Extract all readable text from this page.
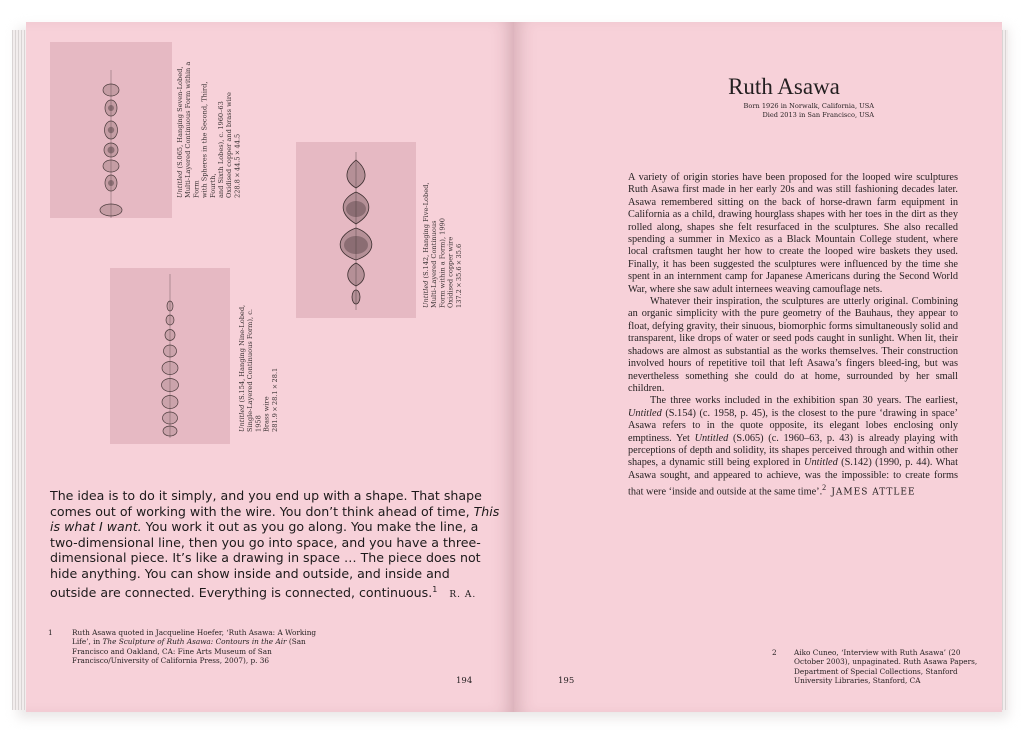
Untitled (S.065, Hanging Seven-Lobed,
Multi-Layered Continuous Form within a Form
with Spheres in the Second, Third, Fourth,
and Sixth Lobes), c. 1960–63
Oxidised copper and brass wire
228.8×44.5×44.5
Untitled (S.142, Hanging Five-Lobed,
Multi-Layered Continuous
Form within a Form), 1990
Oxidised copper wire
137.2×35.6×35.6
Untitled (S.154, Hanging Nine-Lobed,
Single-Layered Continuous Form), c. 1958
Brass wire
281.9×28.1×28.1

The idea is to do it simply, and you end up with a shape. That shape comes out of working with the wire. You don’t think ahead of time, This is what I want. You work it out as you go along. You make the line, a two-dimensional line, then you go into space, and you have a three-dimensional piece. It’s like a drawing in space … The piece does not hide anything. You can show inside and outside, and inside and outside are connected. Everything is connected, continuous.$^1$   R. A.

1	Ruth Asawa quoted in Jacqueline Hoefer, ‘Ruth Asawa: A Working Life’, in The Sculpture of Ruth Asawa: Contours in the Air (San Francisco and Oakland, CA: Fine Arts Museum of San Francisco/University of California Press, 2007), p. 36
194
Ruth Asawa
Born 1926 in Norwalk, California, USA
Died 2013 in San Francisco, USA

A variety of origin stories have been proposed for the looped wire sculptures Ruth Asawa first made in her early 20s and was still fashioning decades later. Asawa remembered sitting on the back of horse-drawn farm equipment in California as a child, drawing hourglass shapes with her toes in the dirt as they rolled along, shapes she felt resurfaced in the sculptures. She also recalled spending a summer in Mexico as a Black Mountain College student, where local craftsmen taught her how to create the looped wire baskets they used. Finally, it has been suggested the sculptures were influenced by the time she spent in an internment camp for Japanese Americans during the Second World War, where she saw adult internees weaving camouflage nets.

Whatever their inspiration, the sculptures are utterly original. Combining an organic simplicity with the pure geometry of the Bauhaus, they appear to float, defying gravity, their sinuous, biomorphic forms simultaneously solid and transparent, like drops of water or seed pods caught in sunlight. When lit, their shadows are almost as substantial as the works themselves. Their construction involved hours of repetitive toil that left Asawa’s fingers bleed-ing, but was nevertheless something she could do at home, surrounded by her small children.

The three works included in the exhibition span 30 years. The earliest, Untitled (S.154) (c. 1958, p. 45), is the closest to the pure ‘drawing in space’ Asawa refers to in the quote opposite, its elegant lobes enclosing only emptiness. Yet Untitled (S.065) (c. 1960–63, p. 43) is already playing with perceptions of depth and solidity, its shapes perceived through and within other shapes, a dynamic still being explored in Untitled (S.142) (1990, p. 44). What Asawa sought, and appeared to achieve, was the impossible: to create forms that were ‘inside and outside at the same time’.$^2$ JAMES ATTLEE

2 Aiko Cuneo, ‘Interview with Ruth Asawa’ (20 October 2003), unpaginated. Ruth Asawa Papers, Department of Special Collections, Stanford University Libraries, Stanford, CA
195
